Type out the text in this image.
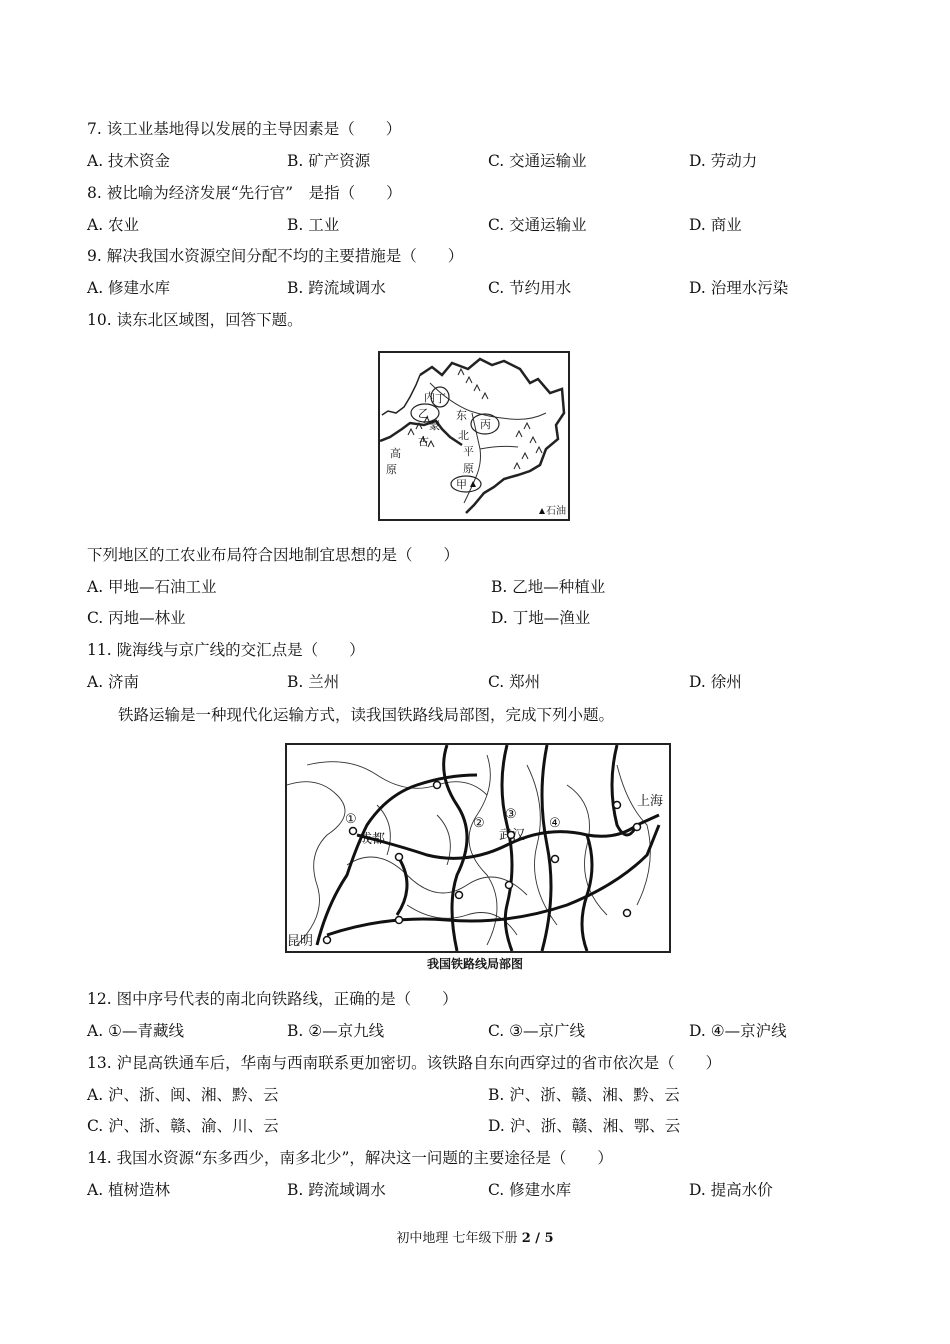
7. 该工业基地得以发展的主导因素是（　　）
A. 技术资金	B. 矿产资源	C. 交通运输业	D. 劳动力
8. 被比喻为经济发展“先行官”　是指（　　）
A. 农业	B. 工业	C. 交通运输业	D. 商业
9. 解决我国水资源空间分配不均的主要措施是（　　）
A. 修建水库	B. 跨流域调水	C. 节约用水	D. 治理水污染
10. 读东北区域图，回答下题。
内 丁
乙 东
丙
蒙
北
古
平
高
原
原
甲
石油
下列地区的工农业布局符合因地制宜思想的是（　　）
A. 甲地—石油工业	B. 乙地—种植业
C. 丙地—林业	D. 丁地—渔业
11. 陇海线与京广线的交汇点是（　　）
A. 济南	B. 兰州	C. 郑州	D. 徐州
铁路运输是一种现代化运输方式，读我国铁路线局部图，完成下列小题。
①
成都
②
③
武汉
④
上海
昆明
我国铁路线局部图
12. 图中序号代表的南北向铁路线，正确的是（　　）
A. ①—青藏线	B. ②—京九线	C. ③—京广线	D. ④—京沪线
13. 沪昆高铁通车后，华南与西南联系更加密切。该铁路自东向西穿过的省市依次是（　　）
A. 沪、浙、闽、湘、黔、云	B. 沪、浙、赣、湘、黔、云
C. 沪、浙、赣、渝、川、云	D. 沪、浙、赣、湘、鄂、云
14. 我国水资源“东多西少，南多北少”，解决这一问题的主要途径是（　　）
A. 植树造林	B. 跨流域调水	C. 修建水库	D. 提高水价
初中地理 七年级下册 2 / 5
